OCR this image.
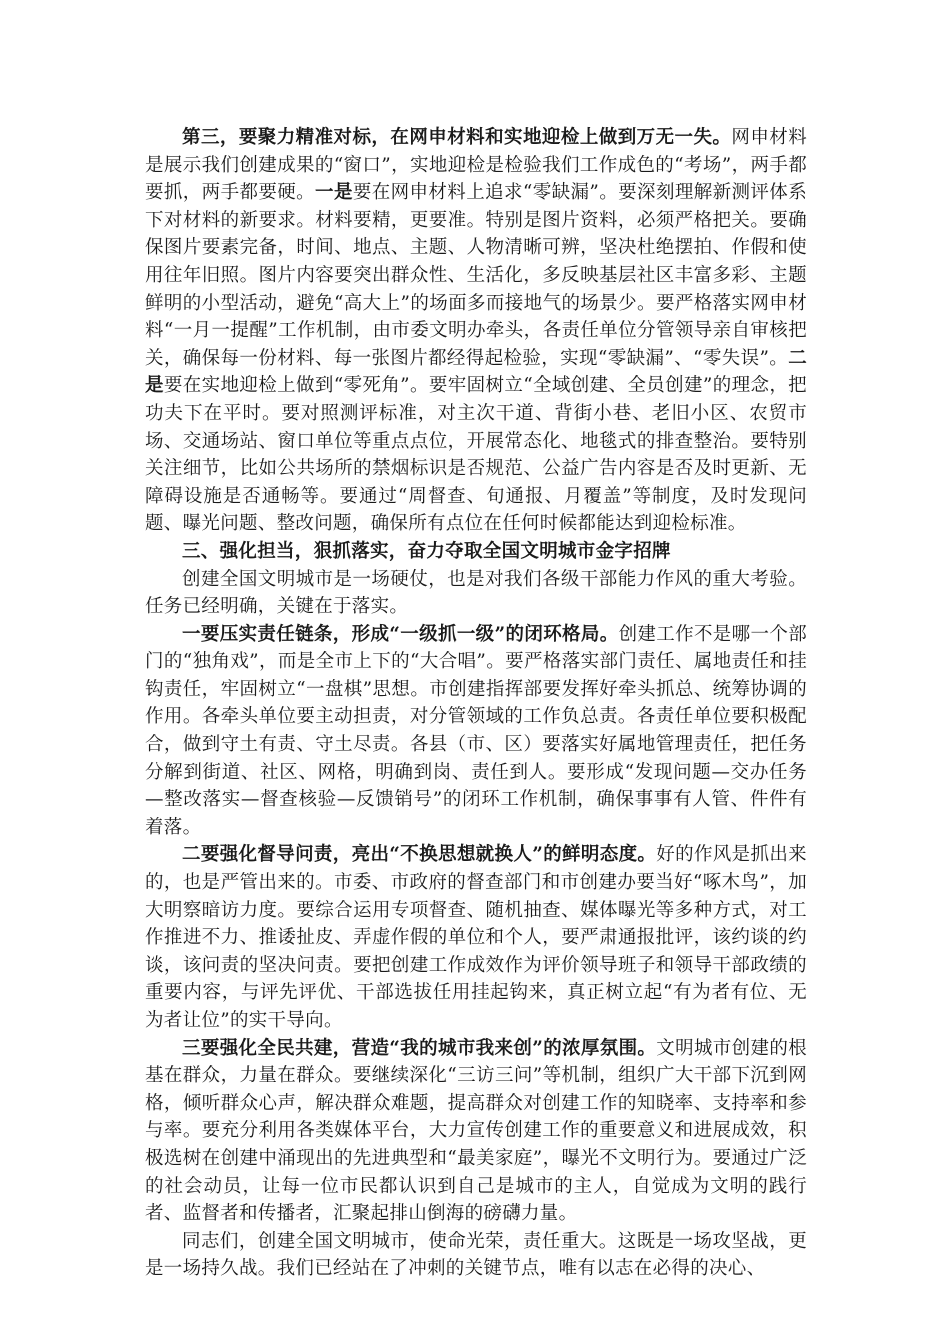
第三，要聚力精准对标，在网申材料和实地迎检上做到万无一失。网申材料是展示我们创建成果的“窗口”，实地迎检是检验我们工作成色的“考场”，两手都要抓，两手都要硬。一是要在网申材料上追求“零缺漏”。要深刻理解新测评体系下对材料的新要求。材料要精，更要准。特别是图片资料，必须严格把关。要确保图片要素完备，时间、地点、主题、人物清晰可辨，坚决杜绝摆拍、作假和使用往年旧照。图片内容要突出群众性、生活化，多反映基层社区丰富多彩、主题鲜明的小型活动，避免“高大上”的场面多而接地气的场景少。要严格落实网申材料“一月一提醒”工作机制，由市委文明办牵头，各责任单位分管领导亲自审核把关，确保每一份材料、每一张图片都经得起检验，实现“零缺漏”、“零失误”。二是要在实地迎检上做到“零死角”。要牢固树立“全域创建、全员创建”的理念，把功夫下在平时。要对照测评标准，对主次干道、背街小巷、老旧小区、农贸市场、交通场站、窗口单位等重点点位，开展常态化、地毯式的排查整治。要特别关注细节，比如公共场所的禁烟标识是否规范、公益广告内容是否及时更新、无障碍设施是否通畅等。要通过“周督查、旬通报、月覆盖”等制度，及时发现问题、曝光问题、整改问题，确保所有点位在任何时候都能达到迎检标准。

三、强化担当，狠抓落实，奋力夺取全国文明城市金字招牌

创建全国文明城市是一场硬仗，也是对我们各级干部能力作风的重大考验。任务已经明确，关键在于落实。

一要压实责任链条，形成“一级抓一级”的闭环格局。创建工作不是哪一个部门的“独角戏”，而是全市上下的“大合唱”。要严格落实部门责任、属地责任和挂钩责任，牢固树立“一盘棋”思想。市创建指挥部要发挥好牵头抓总、统筹协调的作用。各牵头单位要主动担责，对分管领域的工作负总责。各责任单位要积极配合，做到守土有责、守土尽责。各县（市、区）要落实好属地管理责任，把任务分解到街道、社区、网格，明确到岗、责任到人。要形成“发现问题—交办任务—整改落实—督查核验—反馈销号”的闭环工作机制，确保事事有人管、件件有着落。

二要强化督导问责，亮出“不换思想就换人”的鲜明态度。好的作风是抓出来的，也是严管出来的。市委、市政府的督查部门和市创建办要当好“啄木鸟”，加大明察暗访力度。要综合运用专项督查、随机抽查、媒体曝光等多种方式，对工作推进不力、推诿扯皮、弄虚作假的单位和个人，要严肃通报批评，该约谈的约谈，该问责的坚决问责。要把创建工作成效作为评价领导班子和领导干部政绩的重要内容，与评先评优、干部选拔任用挂起钩来，真正树立起“有为者有位、无为者让位”的实干导向。

三要强化全民共建，营造“我的城市我来创”的浓厚氛围。文明城市创建的根基在群众，力量在群众。要继续深化“三访三问”等机制，组织广大干部下沉到网格，倾听群众心声，解决群众难题，提高群众对创建工作的知晓率、支持率和参与率。要充分利用各类媒体平台，大力宣传创建工作的重要意义和进展成效，积极选树在创建中涌现出的先进典型和“最美家庭”，曝光不文明行为。要通过广泛的社会动员，让每一位市民都认识到自己是城市的主人，自觉成为文明的践行者、监督者和传播者，汇聚起排山倒海的磅礴力量。

同志们，创建全国文明城市，使命光荣，责任重大。这既是一场攻坚战，更是一场持久战。我们已经站在了冲刺的关键节点，唯有以志在必得的决心、
